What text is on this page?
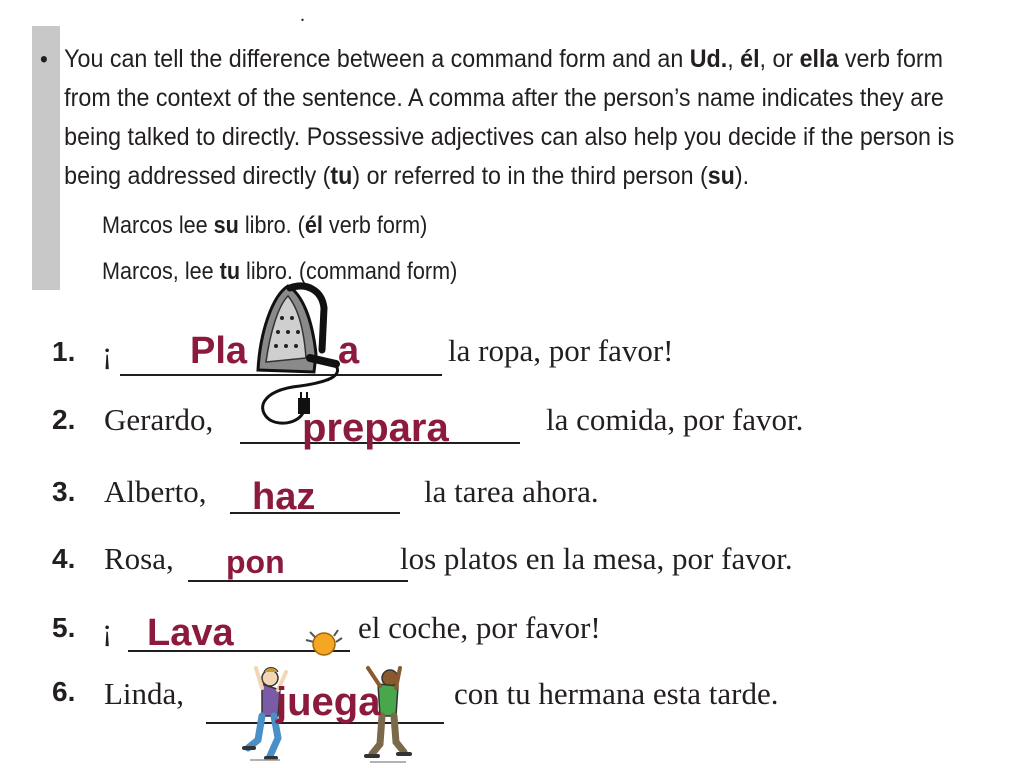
.
• You can tell the difference between a command form and an Ud., él, or ella verb form from the context of the sentence. A comma after the person’s name indicates they are being talked to directly. Possessive adjectives can also help you decide if the person is being addressed directly (tu) or referred to in the third person (su).
Marcos lee su libro. (él verb form)
Marcos, lee tu libro. (command form)
1. ¡	la ropa, por favor!
Pla a
2. Gerardo,	la comida, por favor.
prepara
3. Alberto,	la tarea ahora.
haz
4. Rosa,	los platos en la mesa, por favor.
pon
5. ¡	el coche, por favor!
Lava
6. Linda,	con tu hermana esta tarde.
juega
